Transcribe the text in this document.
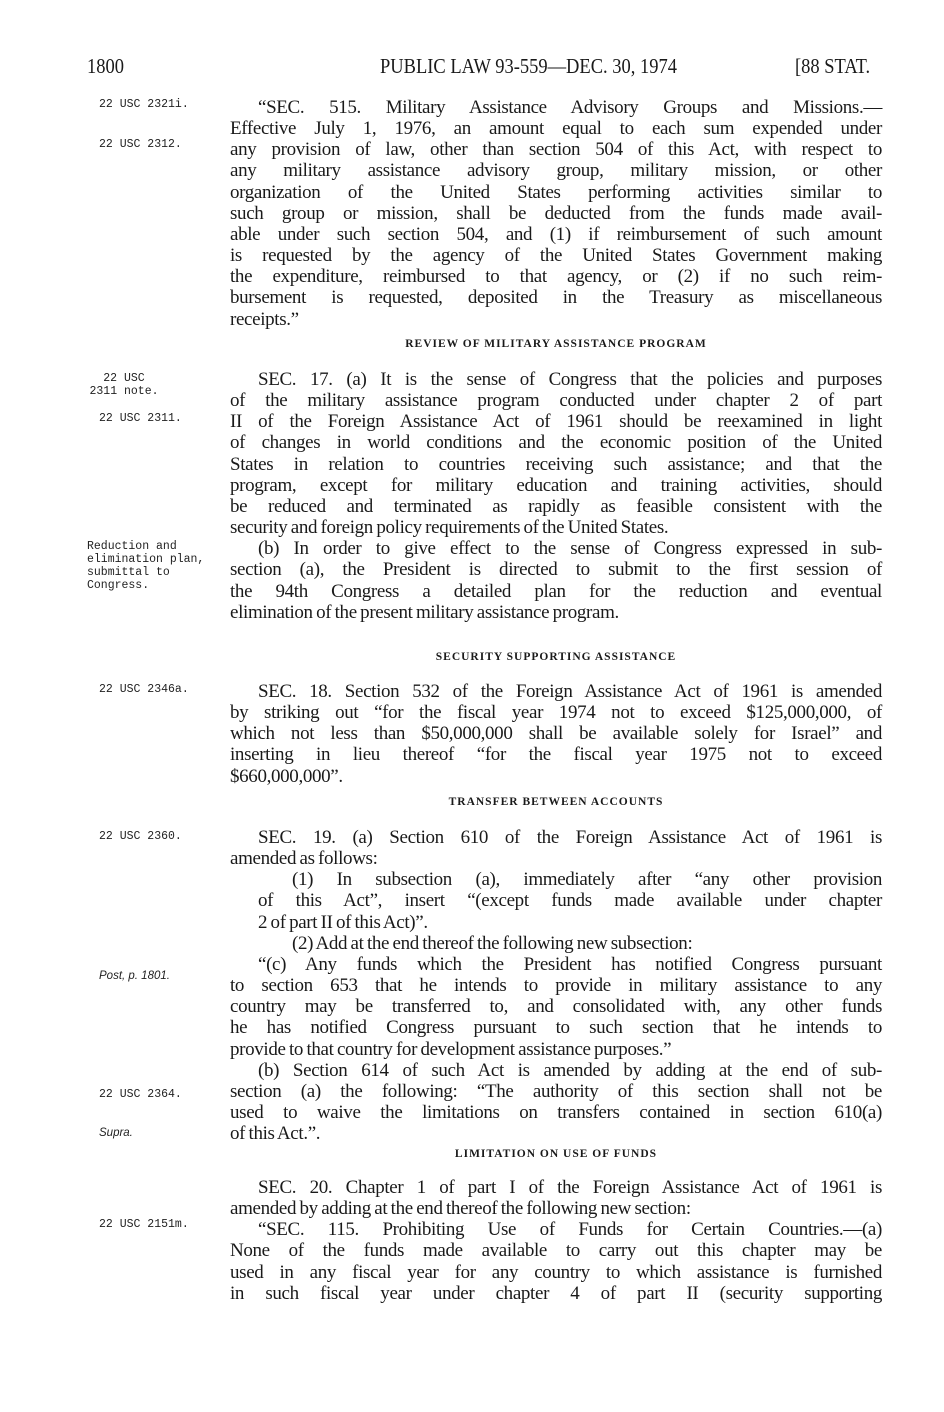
1800	PUBLIC LAW 93-559—DEC. 30, 1974	[88 STAT.
22 USC 2321i.
22 USC 2312.
22 USC 2311 note.
22 USC 2311.
Reduction and elimination plan, submittal to Congress.
22 USC 2346a.
22 USC 2360.
Post, p. 1801.
22 USC 2364.
Supra.
22 USC 2151m.
REVIEW OF MILITARY ASSISTANCE PROGRAM
SECURITY SUPPORTING ASSISTANCE
TRANSFER BETWEEN ACCOUNTS
LIMITATION ON USE OF FUNDS
“SEC. 515. Military Assistance Advisory Groups and Missions.—
Effective July 1, 1976, an amount equal to each sum expended under
any provision of law, other than section 504 of this Act, with respect to
any military assistance advisory group, military mission, or other
organization of the United States performing activities similar to
such group or mission, shall be deducted from the funds made avail-
able under such section 504, and (1) if reimbursement of such amount
is requested by the agency of the United States Government making
the expenditure, reimbursed to that agency, or (2) if no such reim-
bursement is requested, deposited in the Treasury as miscellaneous
receipts.”
SEC. 17. (a) It is the sense of Congress that the policies and purposes
of the military assistance program conducted under chapter 2 of part
II of the Foreign Assistance Act of 1961 should be reexamined in light
of changes in world conditions and the economic position of the United
States in relation to countries receiving such assistance; and that the
program, except for military education and training activities, should
be reduced and terminated as rapidly as feasible consistent with the
security and foreign policy requirements of the United States.
(b) In order to give effect to the sense of Congress expressed in sub-
section (a), the President is directed to submit to the first session of
the 94th Congress a detailed plan for the reduction and eventual
elimination of the present military assistance program.
SEC. 18. Section 532 of the Foreign Assistance Act of 1961 is amended
by striking out “for the fiscal year 1974 not to exceed $125,000,000, of
which not less than $50,000,000 shall be available solely for Israel” and
inserting in lieu thereof “for the fiscal year 1975 not to exceed
$660,000,000”.
SEC. 19. (a) Section 610 of the Foreign Assistance Act of 1961 is
amended as follows:
(1) In subsection (a), immediately after “any other provision
of this Act”, insert “(except funds made available under chapter
2 of part II of this Act)”.
(2) Add at the end thereof the following new subsection:
“(c) Any funds which the President has notified Congress pursuant
to section 653 that he intends to provide in military assistance to any
country may be transferred to, and consolidated with, any other funds
he has notified Congress pursuant to such section that he intends to
provide to that country for development assistance purposes.”
(b) Section 614 of such Act is amended by adding at the end of sub-
section (a) the following: “The authority of this section shall not be
used to waive the limitations on transfers contained in section 610(a)
of this Act.”.
SEC. 20. Chapter 1 of part I of the Foreign Assistance Act of 1961 is
amended by adding at the end thereof the following new section:
“SEC. 115. Prohibiting Use of Funds for Certain Countries.—(a)
None of the funds made available to carry out this chapter may be
used in any fiscal year for any country to which assistance is furnished
in such fiscal year under chapter 4 of part II (security supporting
